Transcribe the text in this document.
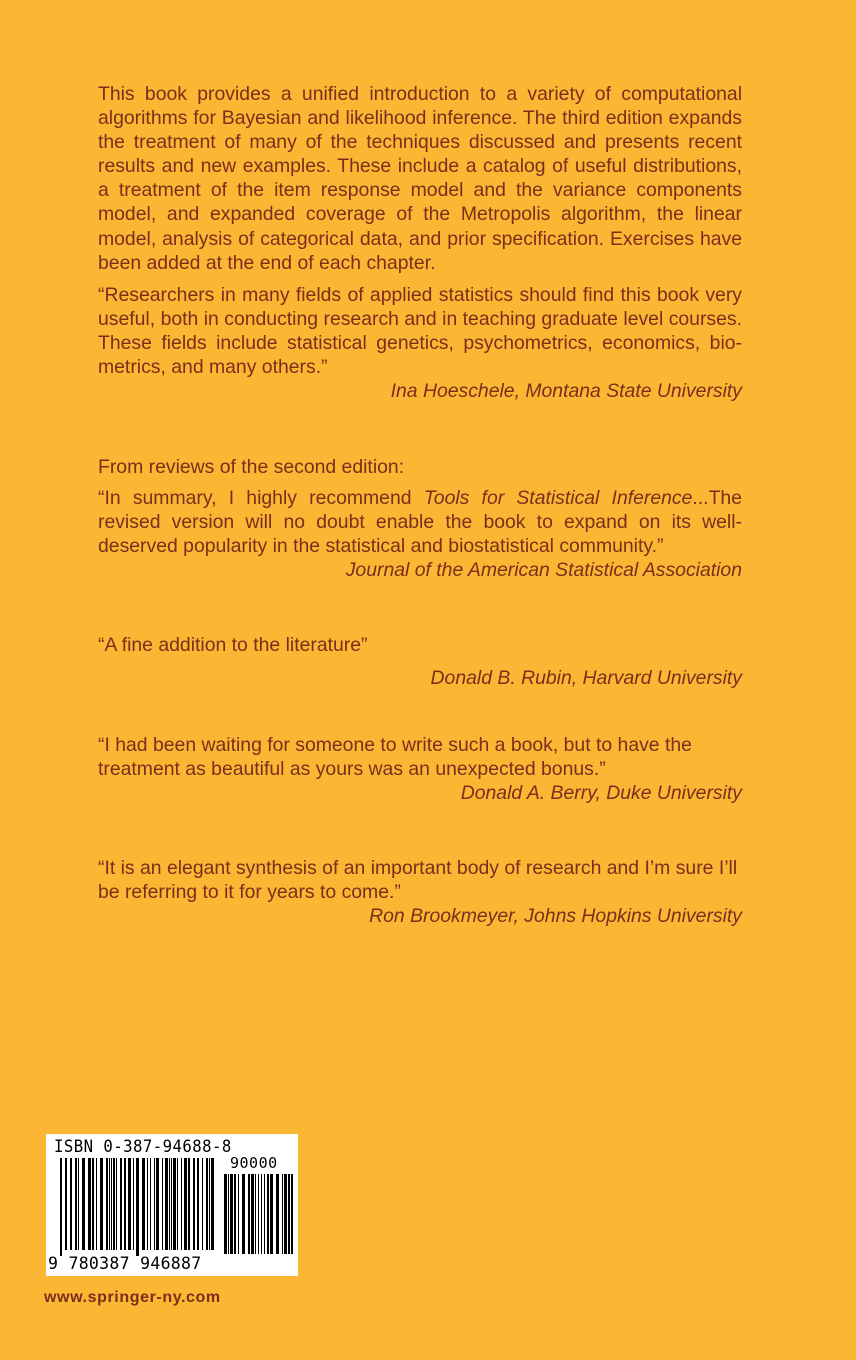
This book provides a unified introduction to a variety of computational algorithms for Bayesian and likelihood inference. The third edition expands the treatment of many of the techniques discussed and presents recent results and new examples. These include a catalog of useful distributions, a treatment of the item response model and the variance components model, and expanded coverage of the Metropolis algorithm, the linear model, analysis of categorical data, and prior specification. Exercises have been added at the end of each chapter.

“Researchers in many fields of applied statistics should find this book very useful, both in conducting research and in teaching graduate level courses. These fields include statistical genetics, psychometrics, economics, bio-metrics, and many others.”

Ina Hoeschele, Montana State University

From reviews of the second edition:

“In summary, I highly recommend Tools for Statistical Inference...The revised version will no doubt enable the book to expand on its well-deserved popularity in the statistical and biostatistical community.”

Journal of the American Statistical Association

“A fine addition to the literature”

Donald B. Rubin, Harvard University

“I had been waiting for someone to write such a book, but to have the treatment as beautiful as yours was an unexpected bonus.”

Donald A. Berry, Duke University

“It is an elegant synthesis of an important body of research and I’m sure I’ll be referring to it for years to come.”

Ron Brookmeyer, Johns Hopkins University

ISBN 0-387-94688-8
90000
9 780387 946887
www.springer-ny.com
